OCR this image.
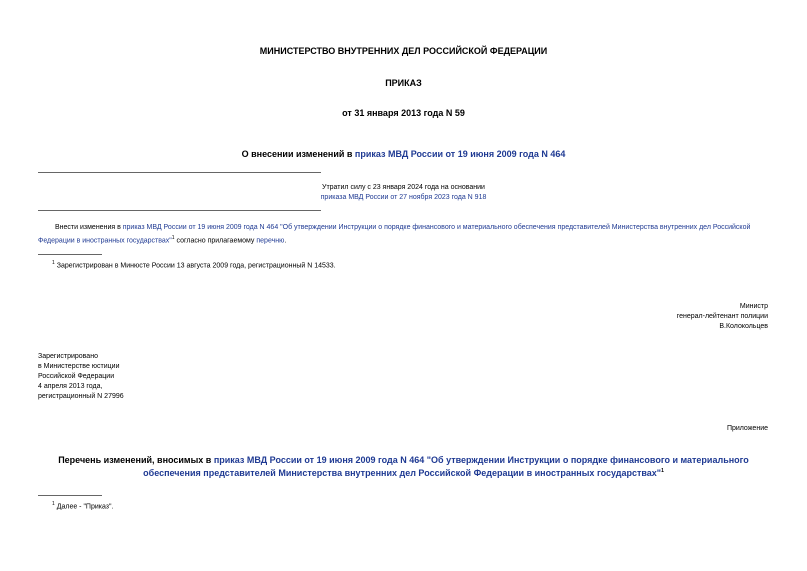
МИНИСТЕРСТВО ВНУТРЕННИХ ДЕЛ РОССИЙСКОЙ ФЕДЕРАЦИИ
ПРИКАЗ
от 31 января 2013 года N 59
О внесении изменений в приказ МВД России от 19 июня 2009 года N 464
Утратил силу с 23 января 2024 года на основании
приказа МВД России от 27 ноября 2023 года N 918
Внести изменения в приказ МВД России от 19 июня 2009 года N 464 "Об утверждении Инструкции о порядке финансового и материального обеспечения представителей Министерства внутренних дел Российской Федерации в иностранных государствах"$^1$ согласно прилагаемому перечню.
$^1$ Зарегистрирован в Минюсте России 13 августа 2009 года, регистрационный N 14533.
Министр
генерал-лейтенант полиции
В.Колокольцев
Зарегистрировано
в Министерстве юстиции
Российской Федерации
4 апреля 2013 года,
регистрационный N 27996
Приложение
Перечень изменений, вносимых в приказ МВД России от 19 июня 2009 года N 464 "Об утверждении Инструкции о порядке финансового и материального обеспечения представителей Министерства внутренних дел Российской Федерации в иностранных государствах"$^1$
$^1$ Далее - "Приказ".
